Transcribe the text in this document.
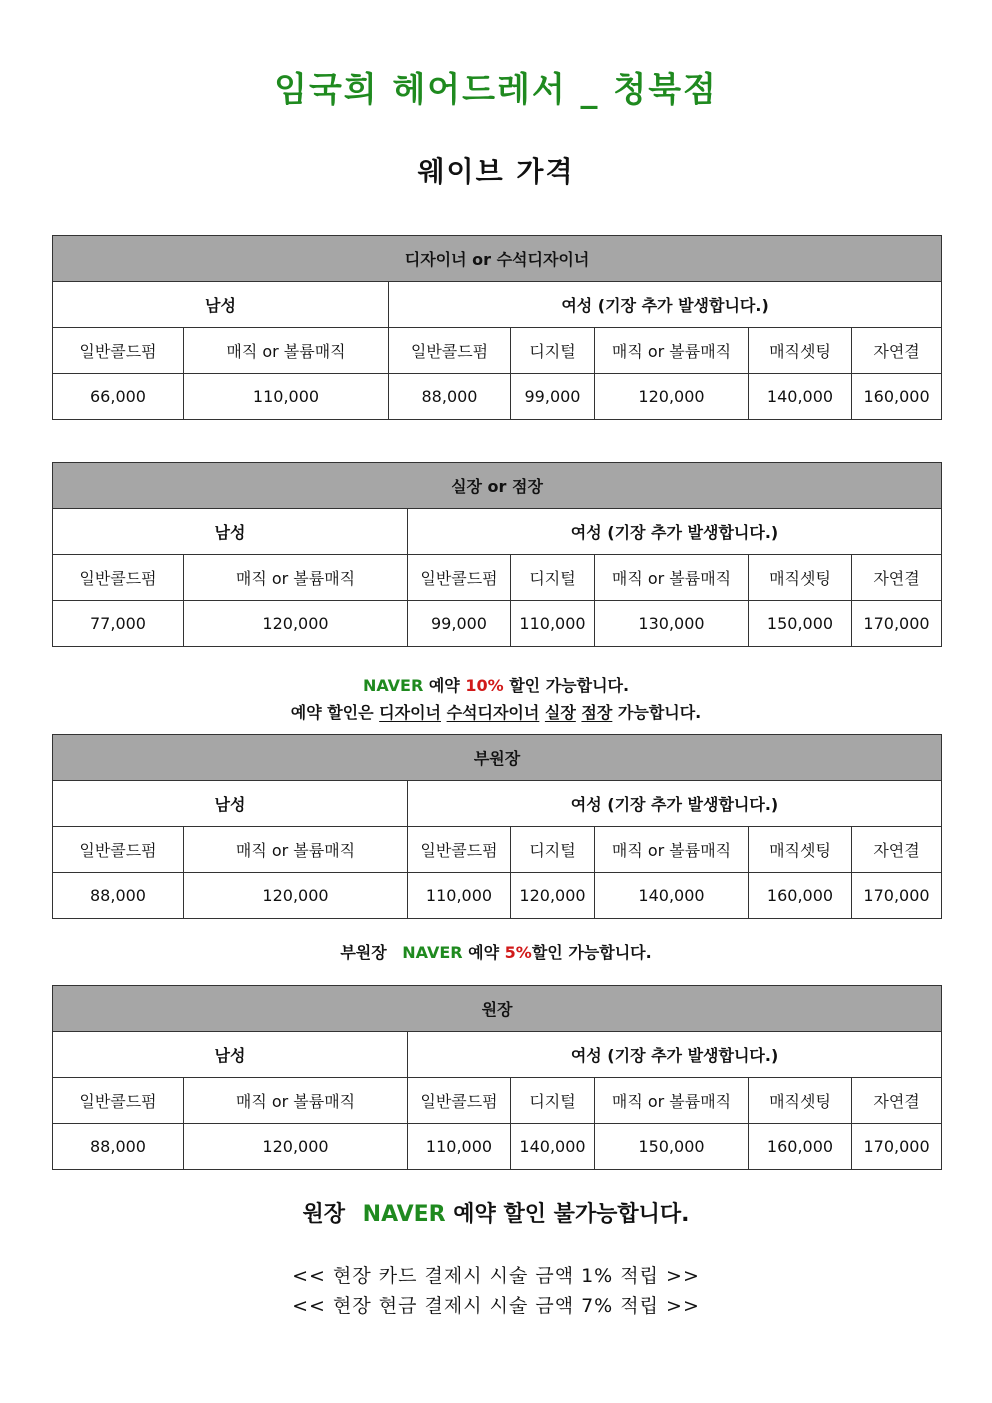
임국희 헤어드레서 _ 청북점
웨이브 가격
디자이너 or 수석디자이너						
남성		여성 (기장 추가 발생합니다.)				
일반콜드펌	매직 or 볼륨매직	일반콜드펌	디지털	매직 or 볼륨매직	매직셋팅	자연결
66,000	110,000	88,000	99,000	120,000	140,000	160,000
실장 or 점장						
남성		여성 (기장 추가 발생합니다.)				
일반콜드펌	매직 or 볼륨매직	일반콜드펌	디지털	매직 or 볼륨매직	매직셋팅	자연결
77,000	120,000	99,000	110,000	130,000	150,000	170,000
NAVER 예약 10% 할인 가능합니다.
예약 할인은 디자이너 수석디자이너 실장 점장 가능합니다.
부원장						
남성		여성 (기장 추가 발생합니다.)				
일반콜드펌	매직 or 볼륨매직	일반콜드펌	디지털	매직 or 볼륨매직	매직셋팅	자연결
88,000	120,000	110,000	120,000	140,000	160,000	170,000
부원장 NAVER 예약 5%할인 가능합니다.
원장						
남성		여성 (기장 추가 발생합니다.)				
일반콜드펌	매직 or 볼륨매직	일반콜드펌	디지털	매직 or 볼륨매직	매직셋팅	자연결
88,000	120,000	110,000	140,000	150,000	160,000	170,000
원장 NAVER 예약 할인 불가능합니다.
<< 현장 카드 결제시 시술 금액 1% 적립 >>
<< 현장 현금 결제시 시술 금액 7% 적립 >>
